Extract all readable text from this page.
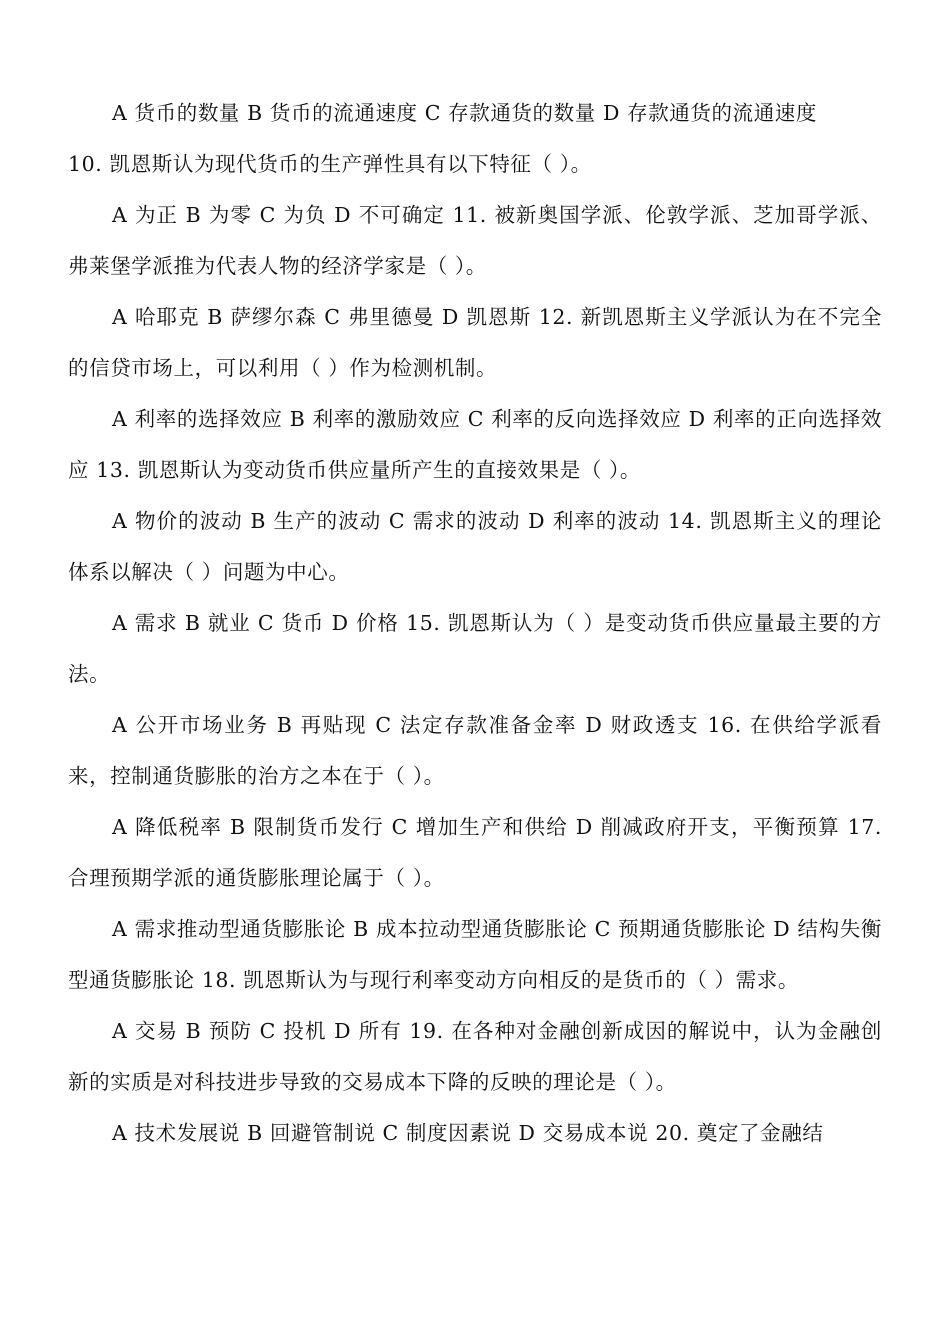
A 货币的数量 B 货币的流通速度 C 存款通货的数量 D 存款通货的流通速度

10. 凯恩斯认为现代货币的生产弹性具有以下特征（ ）。

A 为正 B 为零 C 为负 D 不可确定 11. 被新奥国学派、伦敦学派、芝加哥学派、弗莱堡学派推为代表人物的经济学家是（ ）。

A 哈耶克 B 萨缪尔森 C 弗里德曼 D 凯恩斯 12. 新凯恩斯主义学派认为在不完全的信贷市场上，可以利用（ ）作为检测机制。

A 利率的选择效应 B 利率的激励效应 C 利率的反向选择效应 D 利率的正向选择效应 13. 凯恩斯认为变动货币供应量所产生的直接效果是（ ）。

A 物价的波动 B 生产的波动 C 需求的波动 D 利率的波动 14. 凯恩斯主义的理论体系以解决（ ）问题为中心。

A 需求 B 就业 C 货币 D 价格 15. 凯恩斯认为（ ）是变动货币供应量最主要的方法。

A 公开市场业务 B 再贴现 C 法定存款准备金率 D 财政透支 16. 在供给学派看来，控制通货膨胀的治方之本在于（ ）。

A 降低税率 B 限制货币发行 C 增加生产和供给 D 削减政府开支，平衡预算 17. 合理预期学派的通货膨胀理论属于（ ）。

A 需求推动型通货膨胀论 B 成本拉动型通货膨胀论 C 预期通货膨胀论 D 结构失衡型通货膨胀论 18. 凯恩斯认为与现行利率变动方向相反的是货币的（ ）需求。

A 交易 B 预防 C 投机 D 所有 19. 在各种对金融创新成因的解说中，认为金融创新的实质是对科技进步导致的交易成本下降的反映的理论是（ ）。

A 技术发展说 B 回避管制说 C 制度因素说 D 交易成本说 20. 奠定了金融结
